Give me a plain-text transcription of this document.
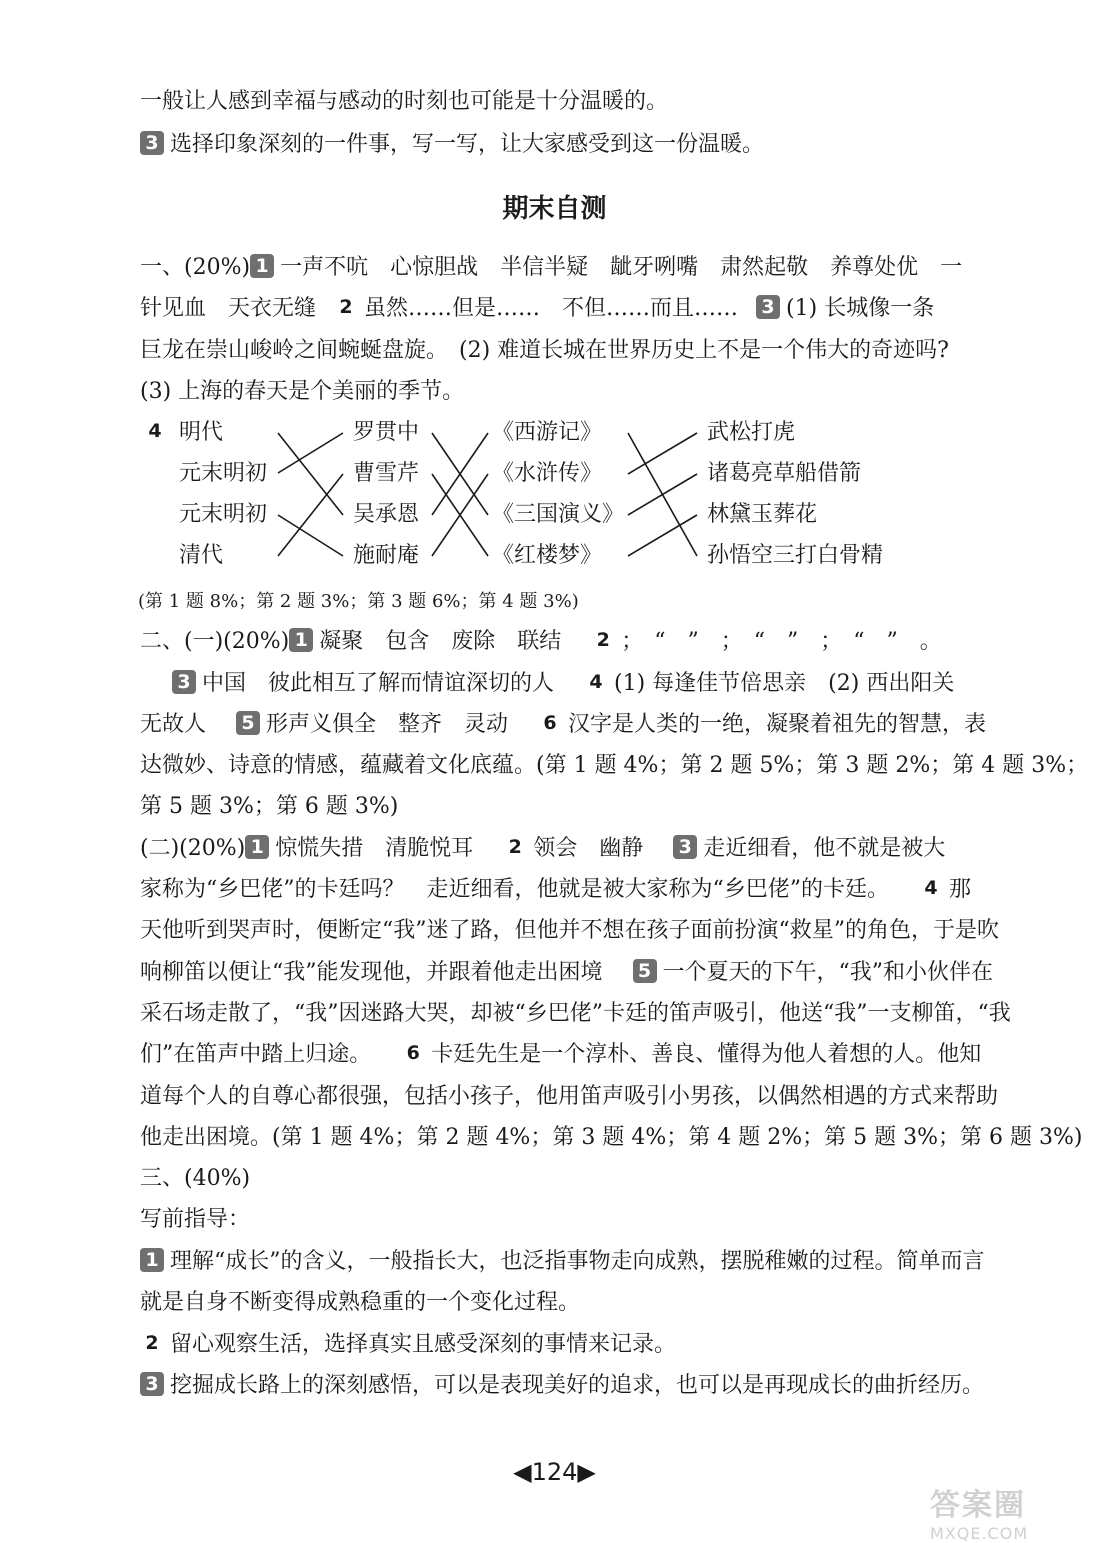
一般让人感到幸福与感动的时刻也可能是十分温暖的。
3 选择印象深刻的一件事，写一写，让大家感受到这一份温暖。
期末自测
一、(20%) 1 一声不吭　心惊胆战　半信半疑　龇牙咧嘴　肃然起敬　养尊处优　一
针见血　天衣无缝 2 虽然……但是……　不但……而且…… 3 (1) 长城像一条
巨龙在崇山峻岭之间蜿蜒盘旋。　(2) 难道长城在世界历史上不是一个伟大的奇迹吗?
(3) 上海的春天是个美丽的季节。
4 明代
元末明初
元末明初
清代
罗贯中
曹雪芹
吴承恩
施耐庵
《西游记》
《水浒传》
《三国演义》
《红楼梦》
武松打虎
诸葛亮草船借箭
林黛玉葬花
孙悟空三打白骨精
(第 1 题 8%；第 2 题 3%；第 3 题 6%；第 4 题 3%)
二、(一)(20%) 1 凝聚　包含　废除　联结 2 ；　“　”　；　“　”　；　“　”　。
3 中国　彼此相互了解而情谊深切的人 4 (1) 每逢佳节倍思亲　(2) 西出阳关
无故人 5 形声义俱全　整齐　灵动 6 汉字是人类的一绝，凝聚着祖先的智慧，表
达微妙、诗意的情感，蕴藏着文化底蕴。(第 1 题 4%；第 2 题 5%；第 3 题 2%；第 4 题 3%；
第 5 题 3%；第 6 题 3%)
(二)(20%) 1 惊慌失措　清脆悦耳 2 领会　幽静 3 走近细看，他不就是被大
家称为“乡巴佬”的卡廷吗？　走近细看，他就是被大家称为“乡巴佬”的卡廷。 4 那
天他听到哭声时，便断定“我”迷了路，但他并不想在孩子面前扮演“救星”的角色，于是吹
响柳笛以便让“我”能发现他，并跟着他走出困境 5 一个夏天的下午，“我”和小伙伴在
采石场走散了，“我”因迷路大哭，却被“乡巴佬”卡廷的笛声吸引，他送“我”一支柳笛，“我
们”在笛声中踏上归途。 6 卡廷先生是一个淳朴、善良、懂得为他人着想的人。他知
道每个人的自尊心都很强，包括小孩子，他用笛声吸引小男孩，以偶然相遇的方式来帮助
他走出困境。(第 1 题 4%；第 2 题 4%；第 3 题 4%；第 4 题 2%；第 5 题 3%；第 6 题 3%)
三、(40%)
写前指导：
1 理解“成长”的含义，一般指长大，也泛指事物走向成熟，摆脱稚嫩的过程。简单而言
就是自身不断变得成熟稳重的一个变化过程。
2 留心观察生活，选择真实且感受深刻的事情来记录。
3 挖掘成长路上的深刻感悟，可以是表现美好的追求，也可以是再现成长的曲折经历。
◀124▶
答案圈
MXQE.COM
